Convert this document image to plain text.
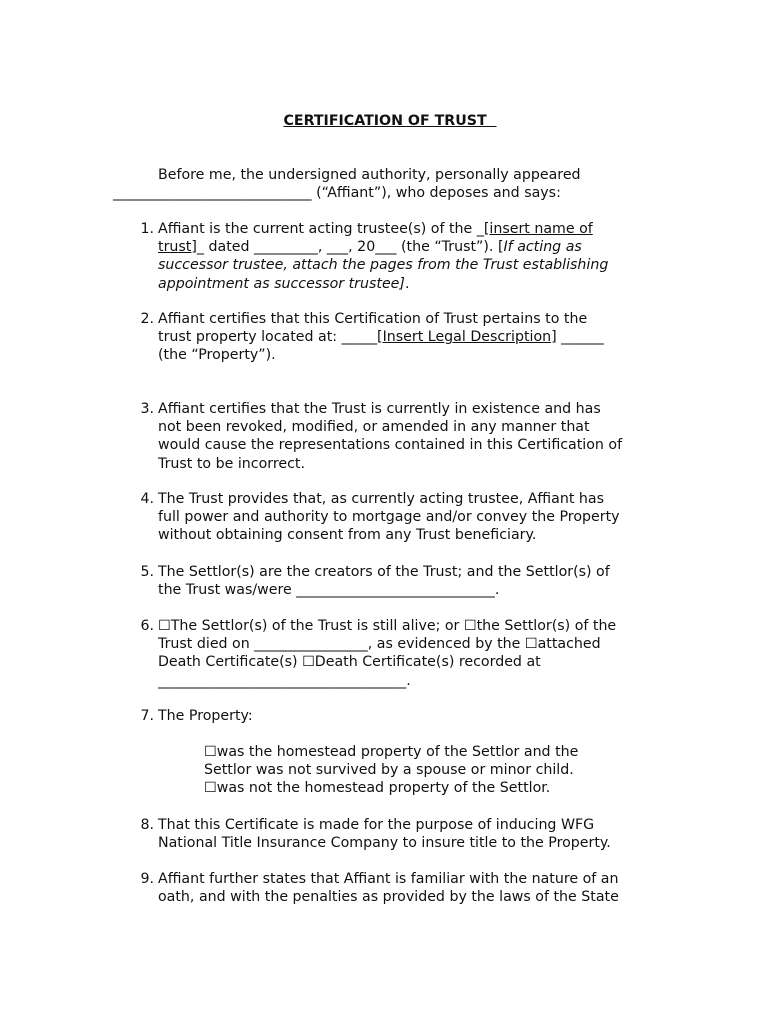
CERTIFICATION OF TRUST
Before me, the undersigned authority, personally appeared
____________________________ (“Affiant”), who deposes and says:
1. Affiant is the current acting trustee(s) of the _[insert name of
trust]_ dated _________, ___, 20___ (the “Trust”). [If acting as
successor trustee, attach the pages from the Trust establishing
appointment as successor trustee].
2. Affiant certifies that this Certification of Trust pertains to the
trust property located at: _____[Insert Legal Description] ______
(the “Property”).
3. Affiant certifies that the Trust is currently in existence and has
not been revoked, modified, or amended in any manner that
would cause the representations contained in this Certification of
Trust to be incorrect.
4. The Trust provides that, as currently acting trustee, Affiant has
full power and authority to mortgage and/or convey the Property
without obtaining consent from any Trust beneficiary.
5. The Settlor(s) are the creators of the Trust; and the Settlor(s) of
the Trust was/were ____________________________.
6. ☐The Settlor(s) of the Trust is still alive; or ☐the Settlor(s) of the
Trust died on ________________, as evidenced by the ☐attached
Death Certificate(s) ☐Death Certificate(s) recorded at
___________________________________.
7. The Property:
☐was the homestead property of the Settlor and the
Settlor was not survived by a spouse or minor child.
☐was not the homestead property of the Settlor.
8. That this Certificate is made for the purpose of inducing WFG
National Title Insurance Company to insure title to the Property.
9. Affiant further states that Affiant is familiar with the nature of an
oath, and with the penalties as provided by the laws of the State
